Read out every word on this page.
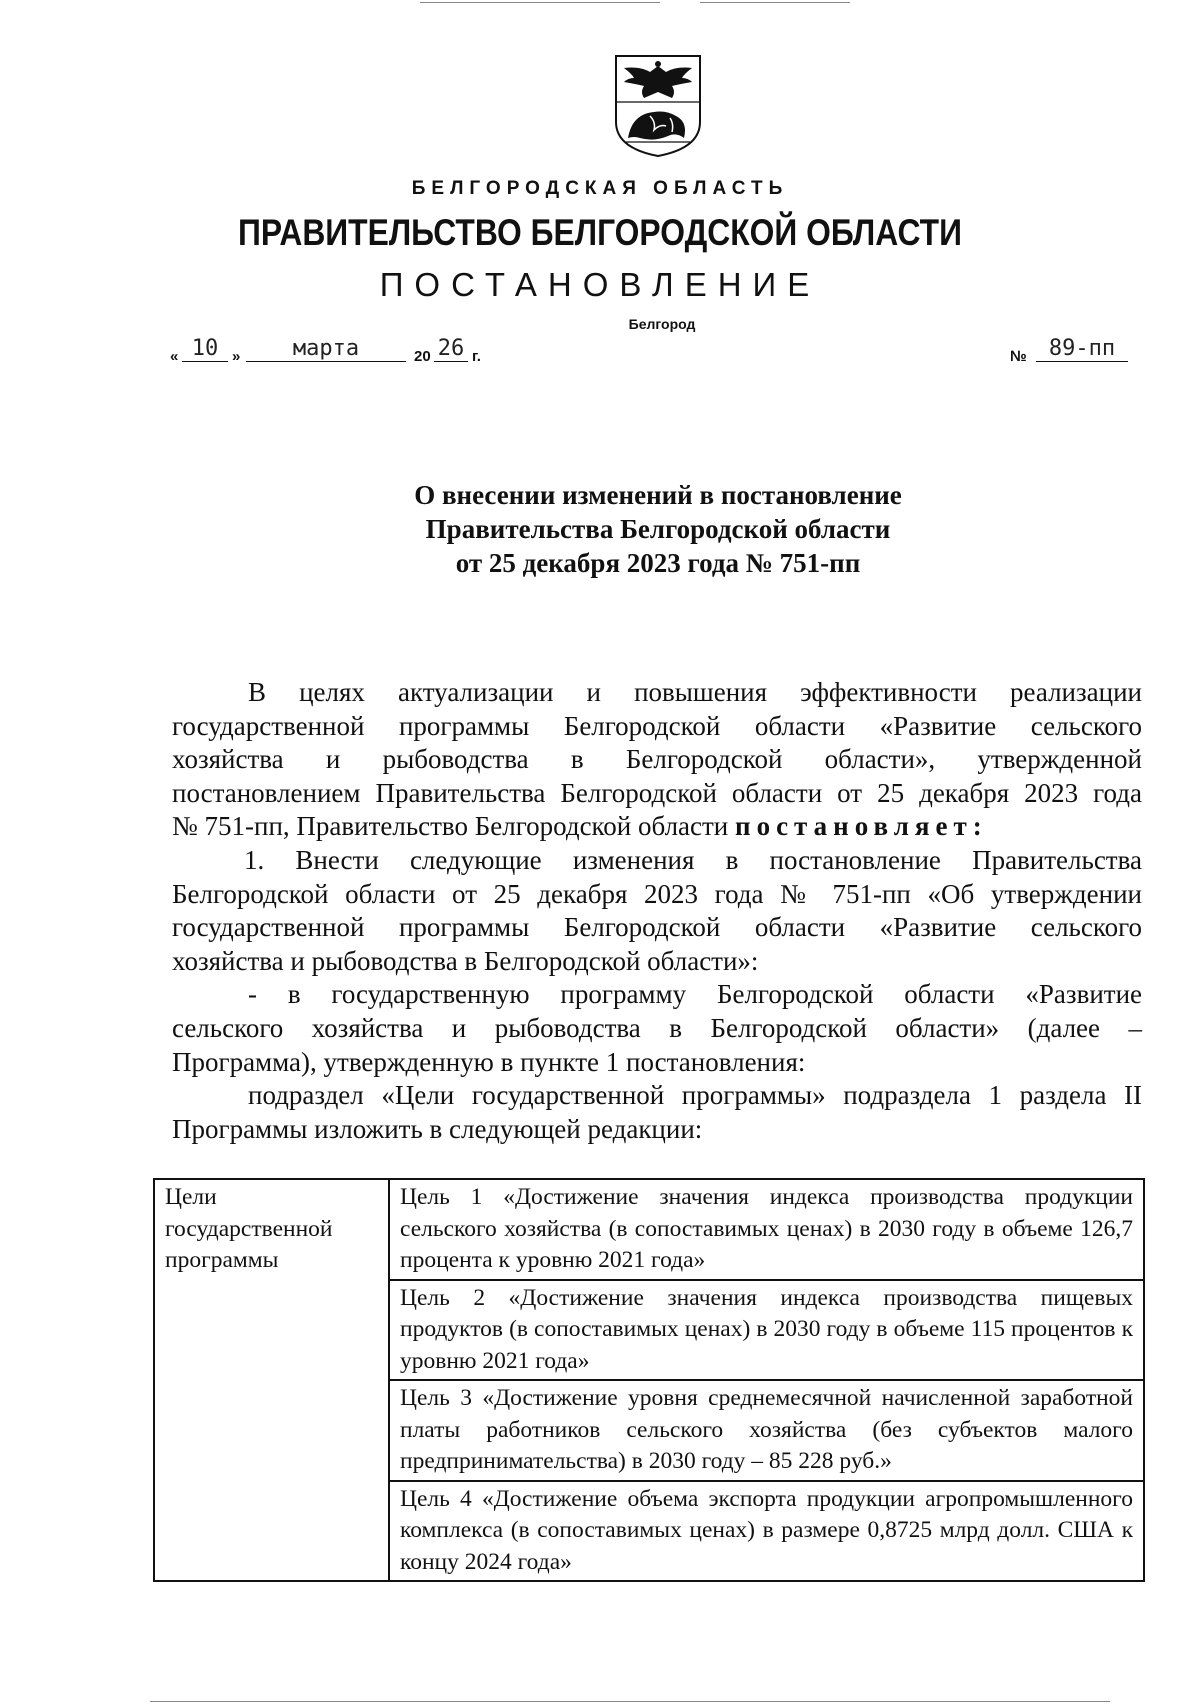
БЕЛГОРОДСКАЯ ОБЛАСТЬ
ПРАВИТЕЛЬСТВО БЕЛГОРОДСКОЙ ОБЛАСТИ
ПОСТАНОВЛЕНИЕ
Белгород
« 10 »	марта	20 26 г.	№	89-пп
О внесении изменений в постановление
Правительства Белгородской области
от 25 декабря 2023 года № 751-пп

В целях актуализации и повышения эффективности реализации

государственной программы Белгородской области «Развитие сельского

хозяйства и рыбоводства в Белгородской области», утвержденной

постановлением Правительства Белгородской области от 25 декабря 2023 года

№ 751-пп, Правительство Белгородской области постановляет:

1. Внести следующие изменения в постановление Правительства

Белгородской области от 25 декабря 2023 года № 751-пп «Об утверждении

государственной программы Белгородской области «Развитие сельского

хозяйства и рыбоводства в Белгородской области»:

- в государственную программу Белгородской области «Развитие

сельского хозяйства и рыбоводства в Белгородской области» (далее –

Программа), утвержденную в пункте 1 постановления:

подраздел «Цели государственной программы» подраздела 1 раздела II

Программы изложить в следующей редакции:

Цели государственной программы	Цель 1 «Достижение значения индекса производства продукции сельского хозяйства (в сопоставимых ценах) в 2030 году в объеме 126,7 процента к уровню 2021 года»
Цель 2 «Достижение значения индекса производства пищевых продуктов (в сопоставимых ценах) в 2030 году в объеме 115 процентов к уровню 2021 года»
Цель 3 «Достижение уровня среднемесячной начисленной заработной платы работников сельского хозяйства (без субъектов малого предпринимательства) в 2030 году – 85 228 руб.»
Цель 4 «Достижение объема экспорта продукции агропромышленного комплекса (в сопоставимых ценах) в размере 0,8725 млрд долл. США к концу 2024 года»
